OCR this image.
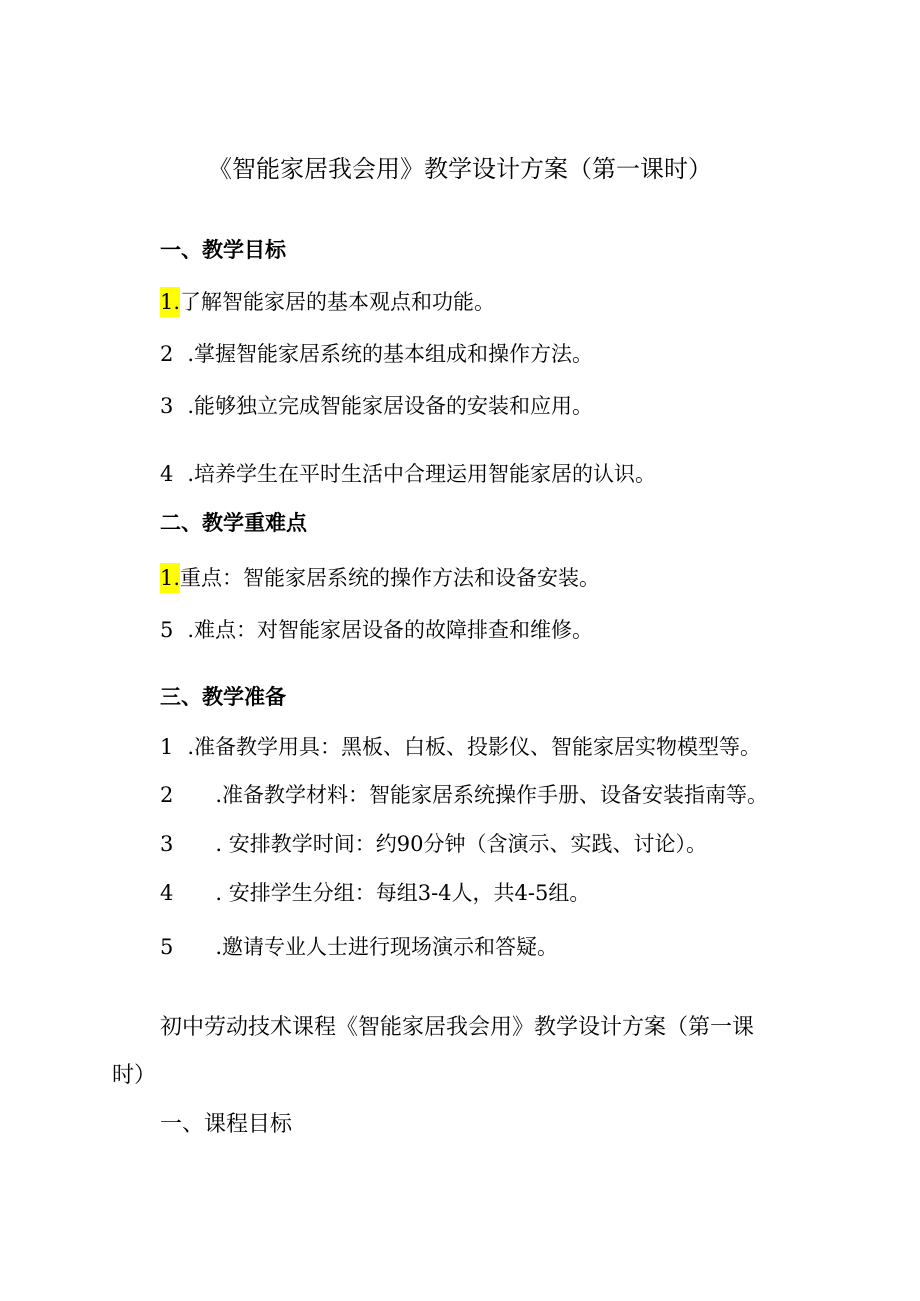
《智能家居我会用》教学设计方案（第一课时）
一、教学目标
1.了解智能家居的基本观点和功能。
2 .掌握智能家居系统的基本组成和操作方法。
3 .能够独立完成智能家居设备的安装和应用。
4 .培养学生在平时生活中合理运用智能家居的认识。
二、教学重难点
1.重点：智能家居系统的操作方法和设备安装。
5 .难点：对智能家居设备的故障排查和维修。
三、教学准备
1 .准备教学用具：黑板、白板、投影仪、智能家居实物模型等。
2 .准备教学材料：智能家居系统操作手册、设备安装指南等。
3 . 安排教学时间：约90分钟（含演示、实践、讨论）。
4 . 安排学生分组：每组3-4人，共4-5组。
5 .邀请专业人士进行现场演示和答疑。
初中劳动技术课程《智能家居我会用》教学设计方案（第一课
时）
一、课程目标
